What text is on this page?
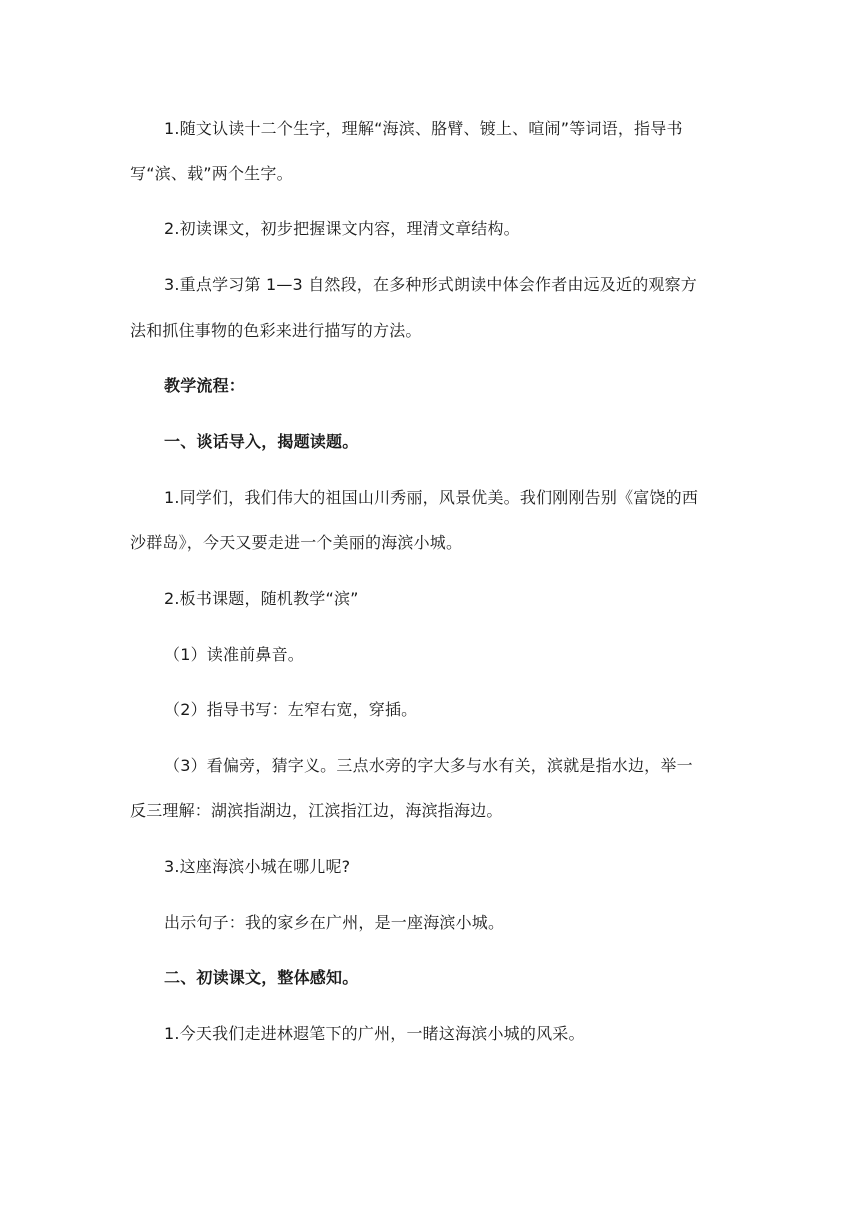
1.随文认读十二个生字，理解“海滨、胳臂、镀上、喧闹”等词语，指导书
写“滨、载”两个生字。
2.初读课文，初步把握课文内容，理清文章结构。
3.重点学习第 1—3 自然段，在多种形式朗读中体会作者由远及近的观察方
法和抓住事物的色彩来进行描写的方法。
教学流程：
一、谈话导入，揭题读题。
1.同学们，我们伟大的祖国山川秀丽，风景优美。我们刚刚告别《富饶的西
沙群岛》，今天又要走进一个美丽的海滨小城。
2.板书课题，随机教学“滨”
（1）读准前鼻音。
（2）指导书写：左窄右宽，穿插。
（3）看偏旁，猜字义。三点水旁的字大多与水有关，滨就是指水边，举一
反三理解：湖滨指湖边，江滨指江边，海滨指海边。
3.这座海滨小城在哪儿呢?
出示句子：我的家乡在广州，是一座海滨小城。
二、初读课文，整体感知。
1.今天我们走进林遐笔下的广州，一睹这海滨小城的风采。
